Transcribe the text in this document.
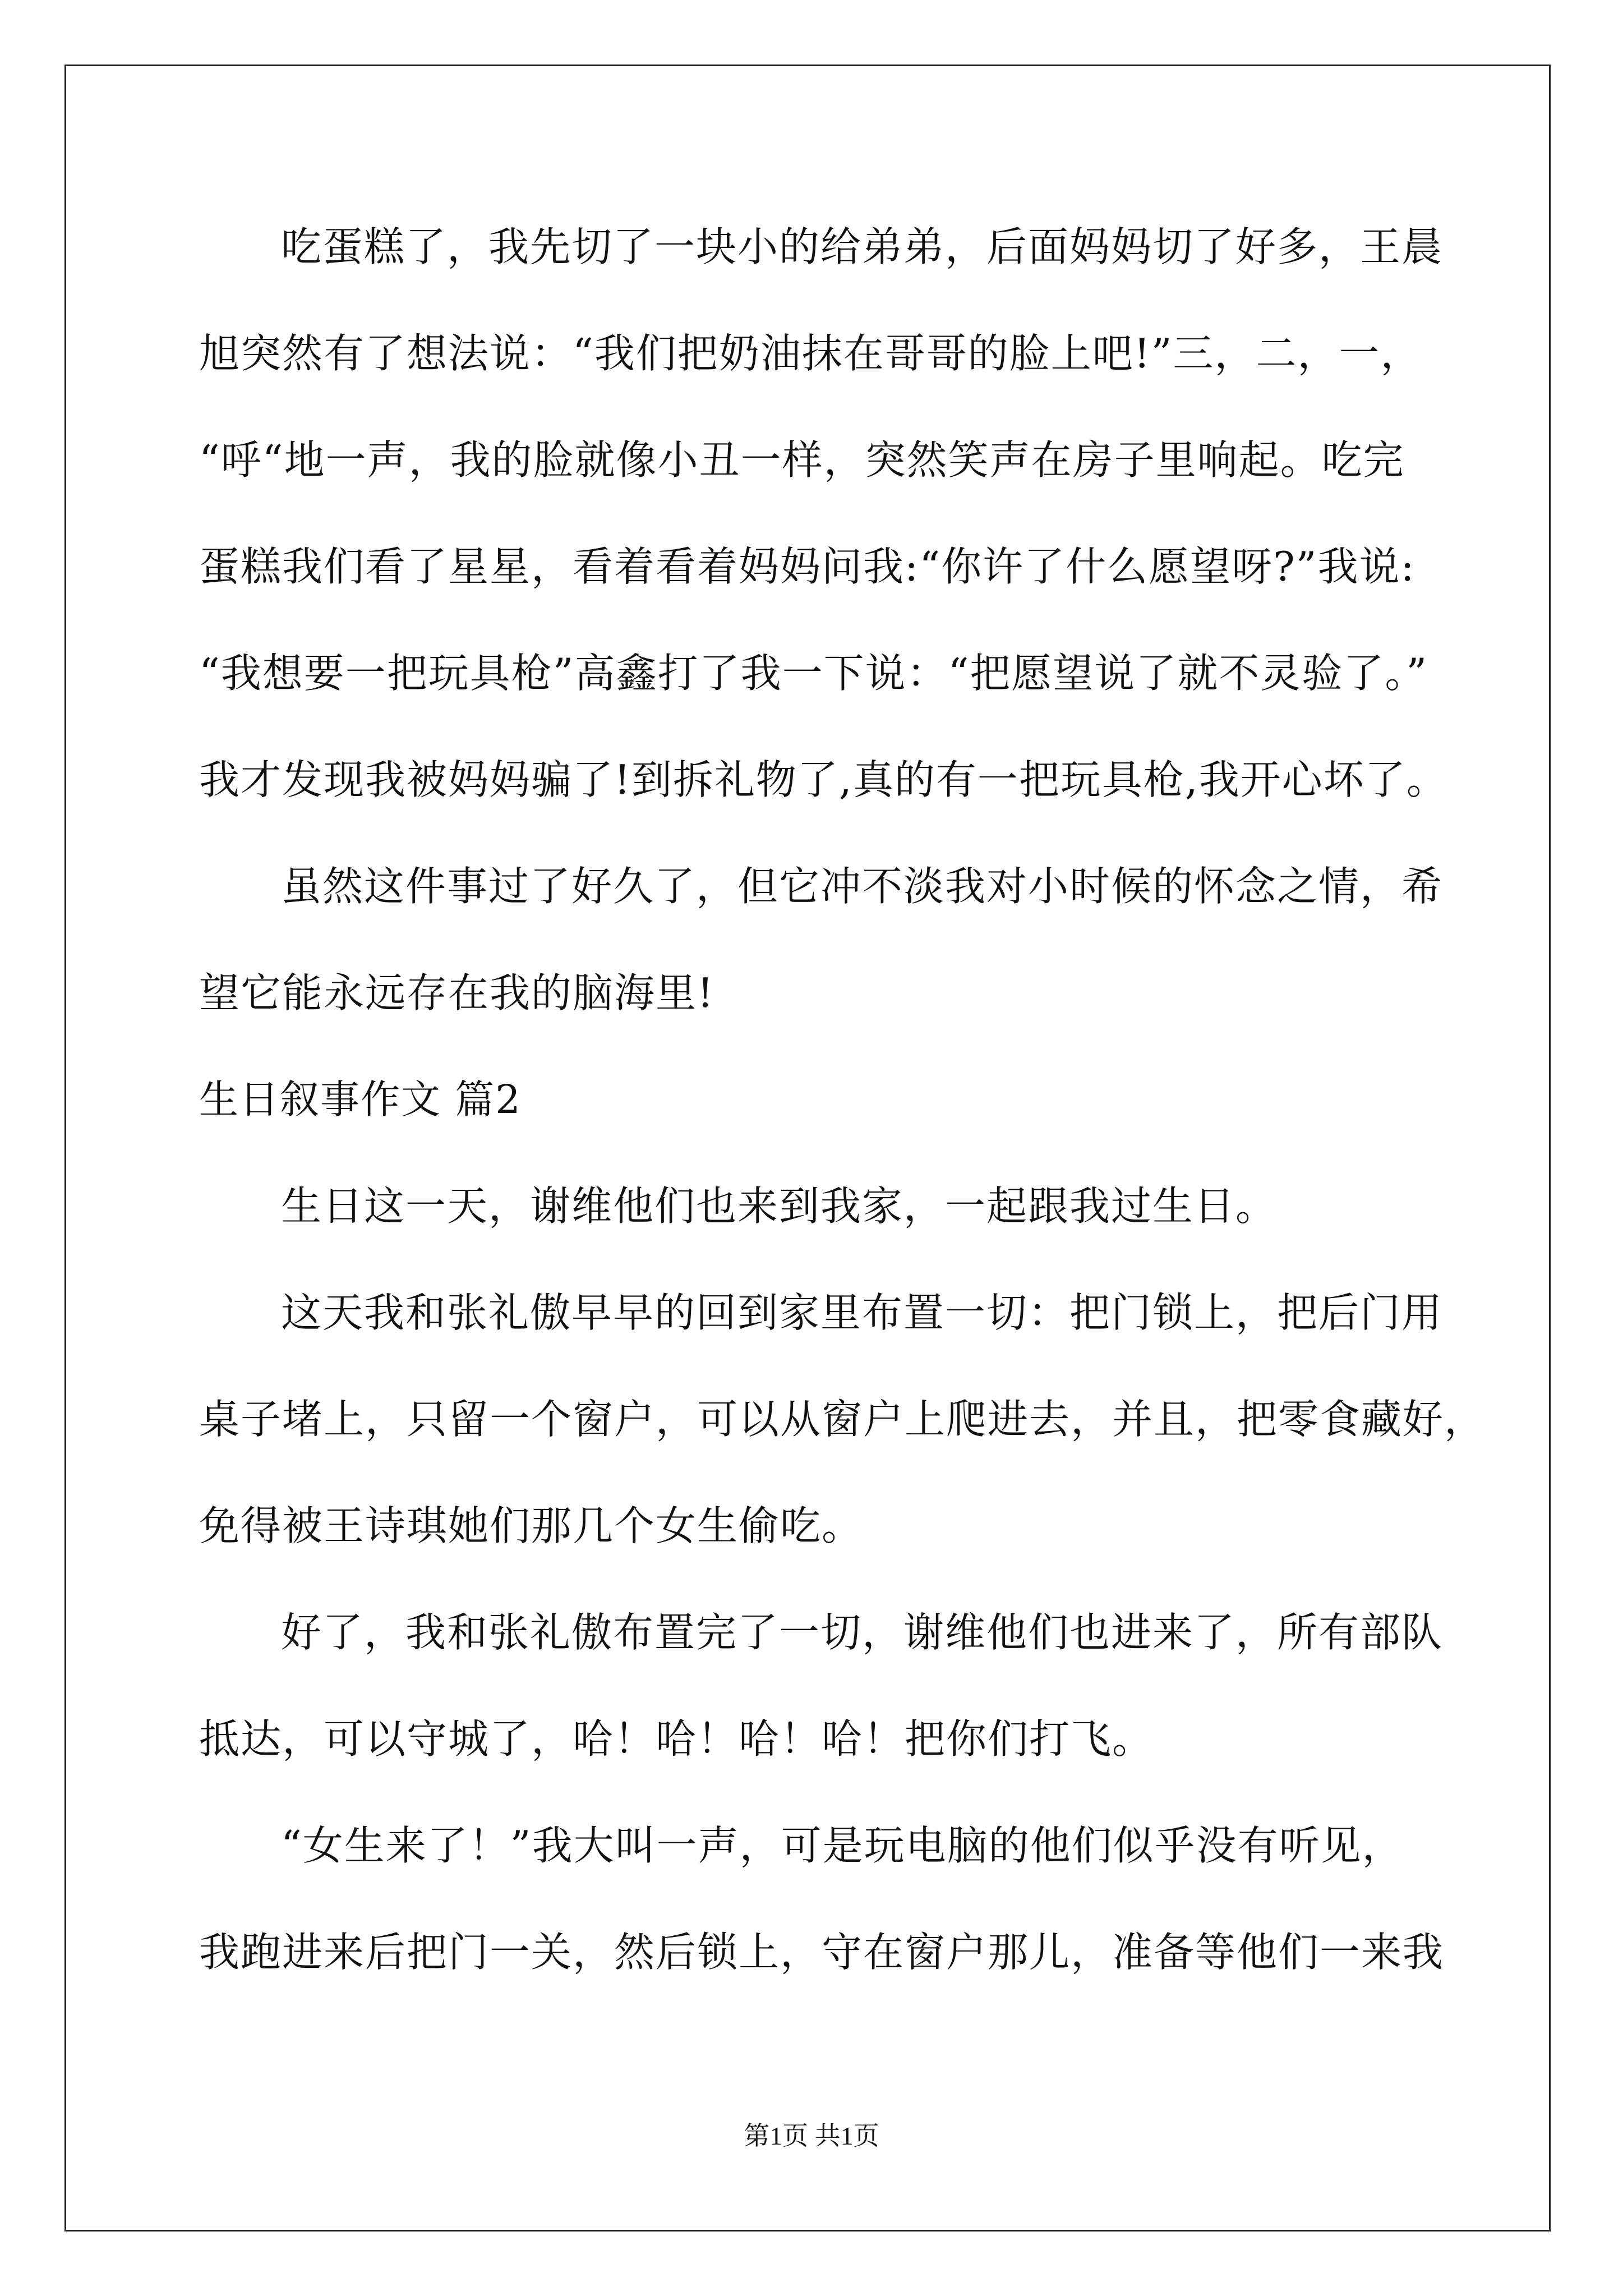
吃蛋糕了，我先切了一块小的给弟弟，后面妈妈切了好多，王晨
旭突然有了想法说：“我们把奶油抹在哥哥的脸上吧!”三，二，一，
“呼“地一声，我的脸就像小丑一样，突然笑声在房子里响起。吃完
蛋糕我们看了星星，看着看着妈妈问我:“你许了什么愿望呀?”我说:
“我想要一把玩具枪”高鑫打了我一下说：“把愿望说了就不灵验了。”
我才发现我被妈妈骗了!到拆礼物了,真的有一把玩具枪,我开心坏了。
虽然这件事过了好久了，但它冲不淡我对小时候的怀念之情，希
望它能永远存在我的脑海里!
生日叙事作文 篇2
生日这一天，谢维他们也来到我家，一起跟我过生日。
这天我和张礼傲早早的回到家里布置一切：把门锁上，把后门用
桌子堵上，只留一个窗户，可以从窗户上爬进去，并且，把零食藏好，
免得被王诗琪她们那几个女生偷吃。
好了，我和张礼傲布置完了一切，谢维他们也进来了，所有部队
抵达，可以守城了，哈！哈！哈！哈！把你们打飞。
“女生来了！”我大叫一声，可是玩电脑的他们似乎没有听见，
我跑进来后把门一关，然后锁上，守在窗户那儿，准备等他们一来我
第1页 共1页
